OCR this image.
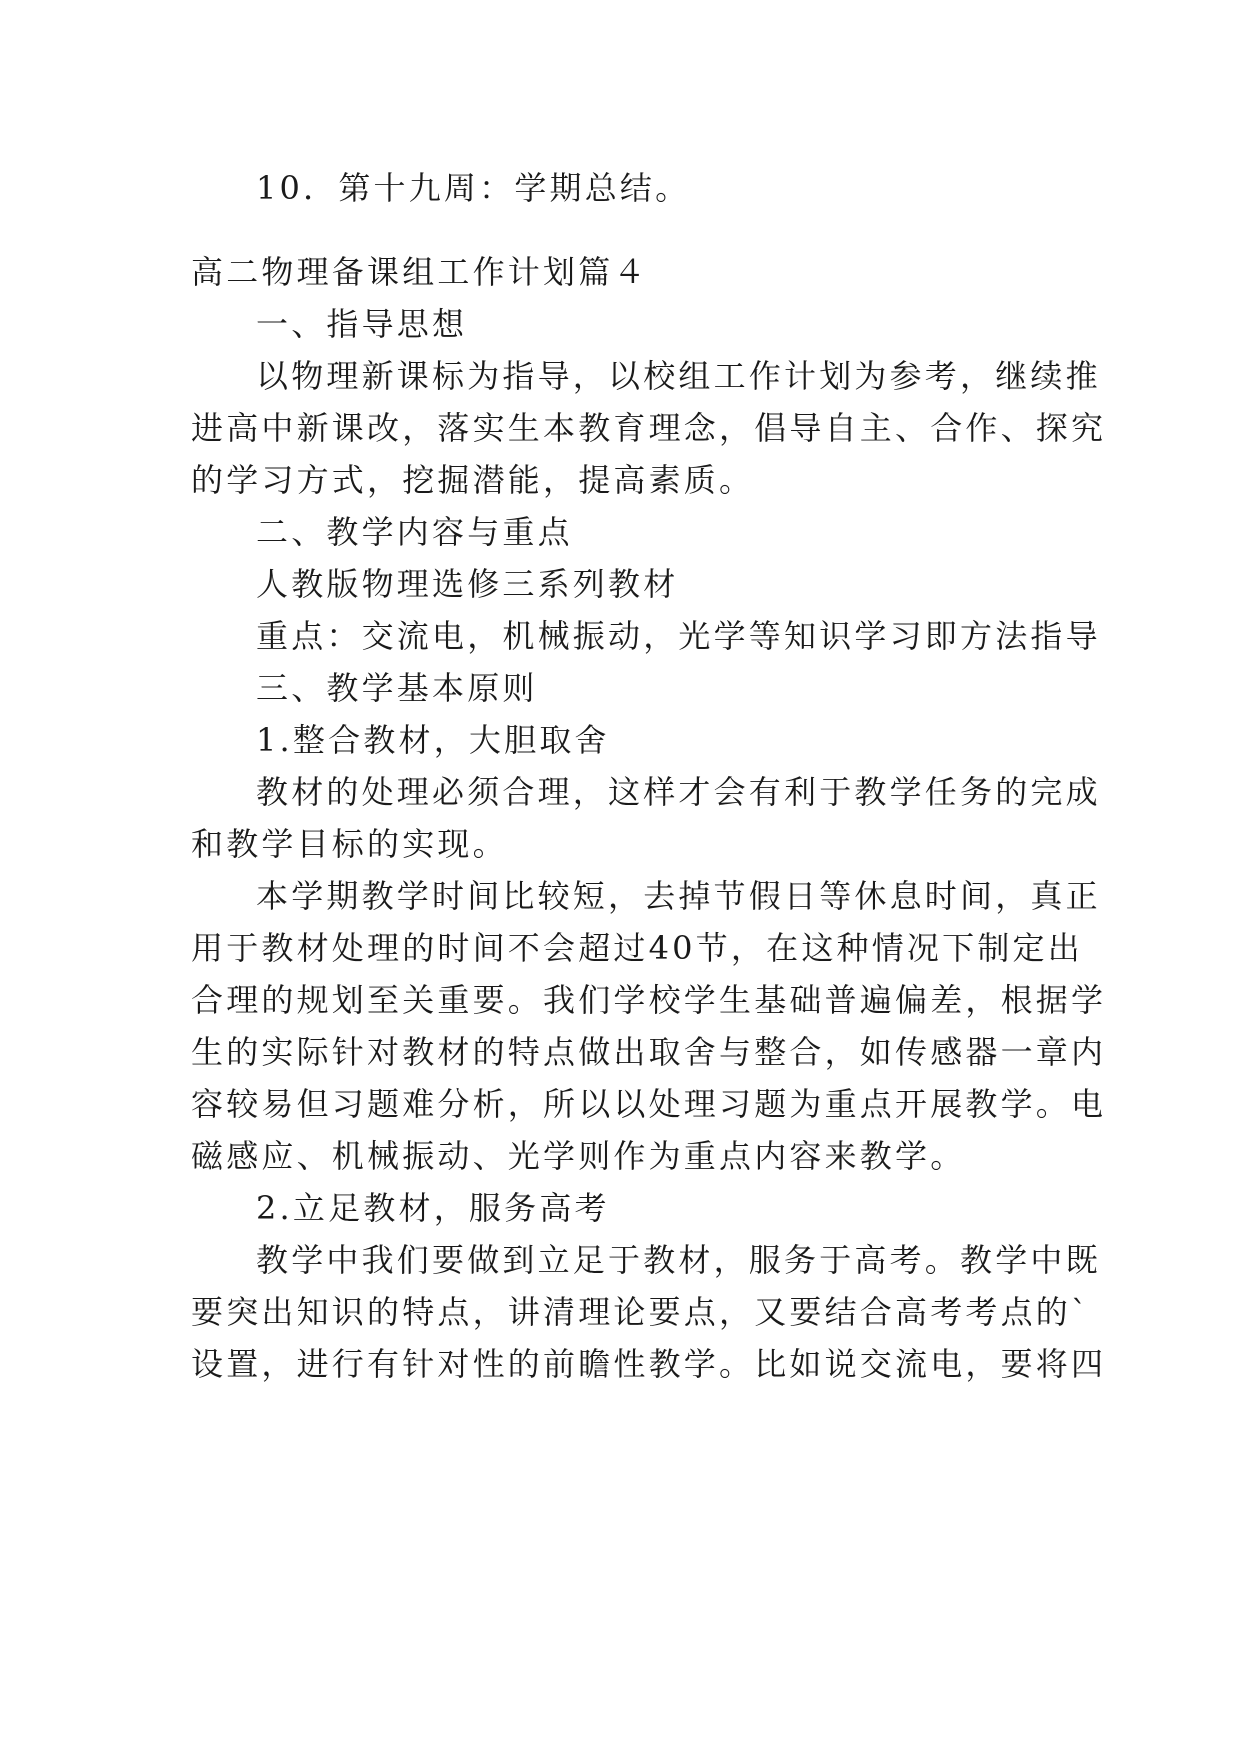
10．第十九周：学期总结。
高二物理备课组工作计划篇４
一、指导思想
以物理新课标为指导，以校组工作计划为参考，继续推
进高中新课改，落实生本教育理念，倡导自主、合作、探究
的学习方式，挖掘潜能，提高素质。
二、教学内容与重点
人教版物理选修三系列教材
重点：交流电，机械振动，光学等知识学习即方法指导
三、教学基本原则
1.整合教材，大胆取舍
教材的处理必须合理，这样才会有利于教学任务的完成
和教学目标的实现。
本学期教学时间比较短，去掉节假日等休息时间，真正
用于教材处理的时间不会超过40节，在这种情况下制定出
合理的规划至关重要。我们学校学生基础普遍偏差，根据学
生的实际针对教材的特点做出取舍与整合，如传感器一章内
容较易但习题难分析，所以以处理习题为重点开展教学。电
磁感应、机械振动、光学则作为重点内容来教学。
2.立足教材，服务高考
教学中我们要做到立足于教材，服务于高考。教学中既
要突出知识的特点，讲清理论要点，又要结合高考考点的`
设置，进行有针对性的前瞻性教学。比如说交流电，要将四
